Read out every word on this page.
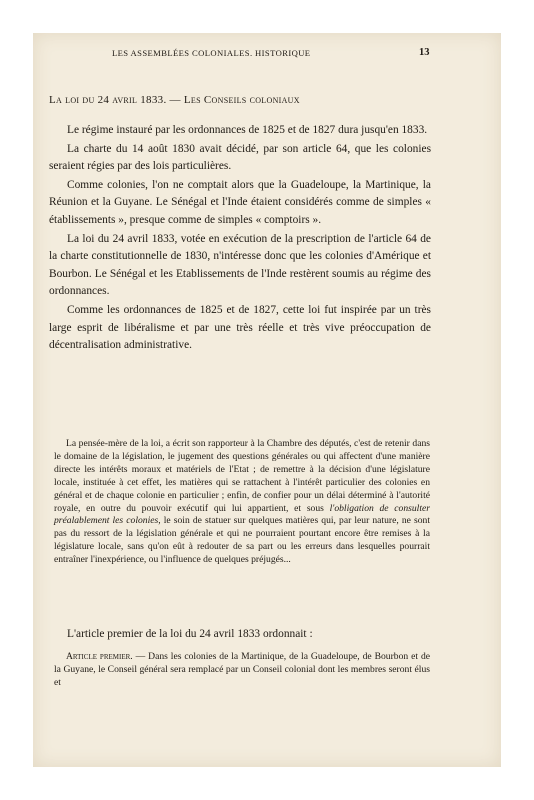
LES ASSEMBLÉES COLONIALES. HISTORIQUE	13
La loi du 24 avril 1833. — Les Conseils coloniaux

Le régime instauré par les ordonnances de 1825 et de 1827 dura jusqu'en 1833.

La charte du 14 août 1830 avait décidé, par son article 64, que les colonies seraient régies par des lois particulières.

Comme colonies, l'on ne comptait alors que la Guadeloupe, la Martinique, la Réunion et la Guyane. Le Sénégal et l'Inde étaient considérés comme de simples « établissements », presque comme de simples « comptoirs ».

La loi du 24 avril 1833, votée en exécution de la prescription de l'article 64 de la charte constitutionnelle de 1830, n'intéresse donc que les colonies d'Amérique et Bourbon. Le Sénégal et les Etablissements de l'Inde restèrent soumis au régime des ordonnances.

Comme les ordonnances de 1825 et de 1827, cette loi fut inspirée par un très large esprit de libéralisme et par une très réelle et très vive préoccupation de décentralisation administrative.

La pensée-mère de la loi, a écrit son rapporteur à la Chambre des députés, c'est de retenir dans le domaine de la législation, le jugement des questions générales ou qui affectent d'une manière directe les intérêts moraux et matériels de l'Etat ; de remettre à la décision d'une législature locale, instituée à cet effet, les matières qui se rattachent à l'intérêt particulier des colonies en général et de chaque colonie en particulier ; enfin, de confier pour un délai déterminé à l'autorité royale, en outre du pouvoir exécutif qui lui appartient, et sous l'obligation de consulter préalablement les colonies, le soin de statuer sur quelques matières qui, par leur nature, ne sont pas du ressort de la législation générale et qui ne pourraient pourtant encore être remises à la législature locale, sans qu'on eût à redouter de sa part ou les erreurs dans lesquelles pourrait entraîner l'inexpérience, ou l'influence de quelques préjugés...

L'article premier de la loi du 24 avril 1833 ordonnait :

Article premier. — Dans les colonies de la Martinique, de la Guadeloupe, de Bourbon et de la Guyane, le Conseil général sera remplacé par un Conseil colonial dont les membres seront élus et
